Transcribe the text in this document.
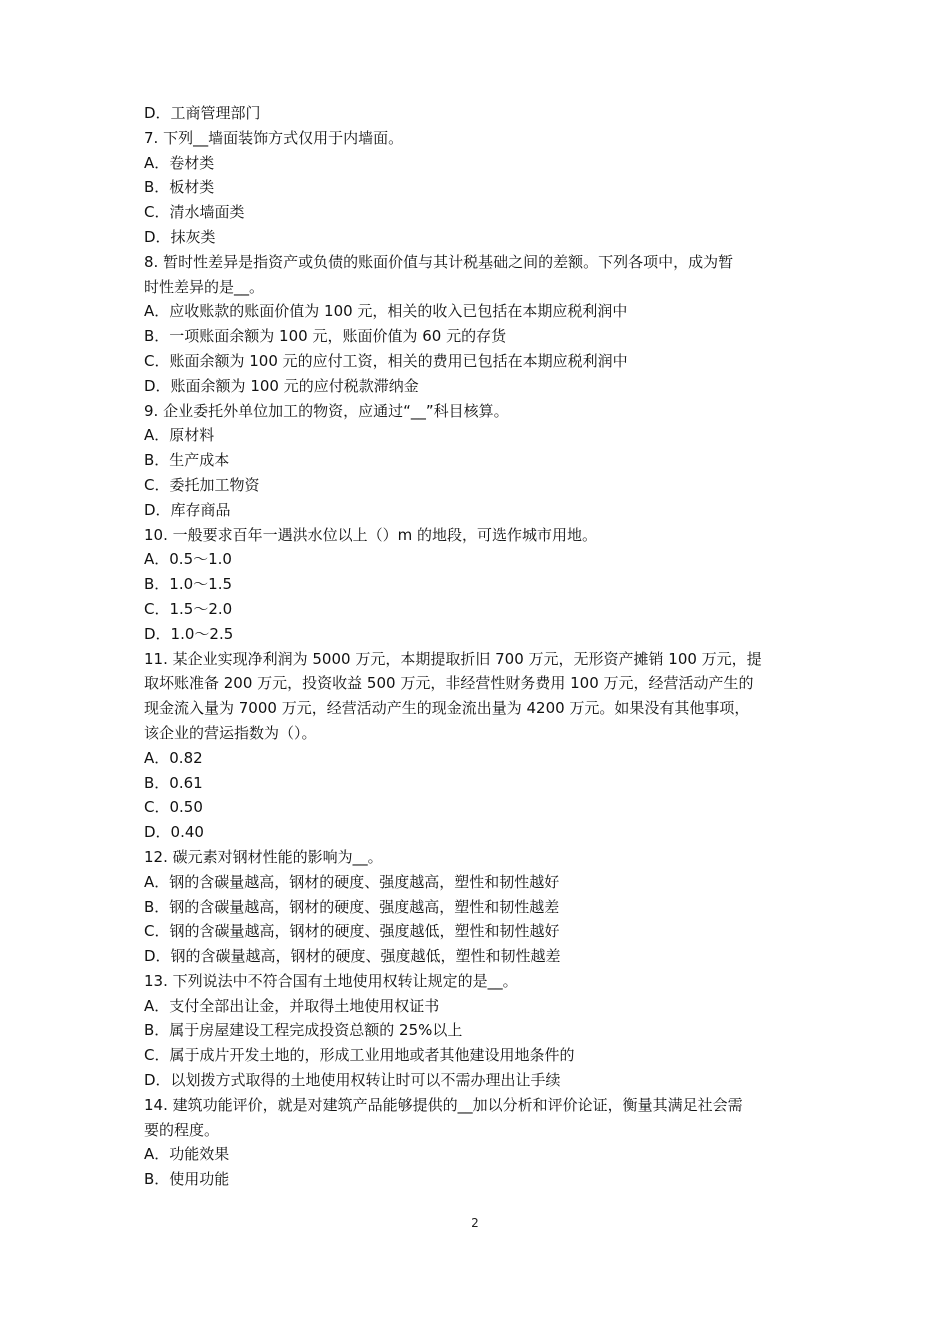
D．工商管理部门
7. 下列__墙面装饰方式仅用于内墙面。
A．卷材类
B．板材类
C．清水墙面类
D．抹灰类
8. 暂时性差异是指资产或负债的账面价值与其计税基础之间的差额。下列各项中，成为暂
时性差异的是__。
A．应收账款的账面价值为 100 元，相关的收入已包括在本期应税利润中
B．一项账面余额为 100 元，账面价值为 60 元的存货
C．账面余额为 100 元的应付工资，相关的费用已包括在本期应税利润中
D．账面余额为 100 元的应付税款滞纳金
9. 企业委托外单位加工的物资，应通过“__”科目核算。
A．原材料
B．生产成本
C．委托加工物资
D．库存商品
10. 一般要求百年一遇洪水位以上（）m 的地段，可选作城市用地。
A．0.5～1.0
B．1.0～1.5
C．1.5～2.0
D．1.0～2.5
11. 某企业实现净利润为 5000 万元，本期提取折旧 700 万元，无形资产摊销 100 万元，提
取坏账准备 200 万元，投资收益 500 万元，非经营性财务费用 100 万元，经营活动产生的
现金流入量为 7000 万元，经营活动产生的现金流出量为 4200 万元。如果没有其他事项，
该企业的营运指数为（）。
A．0.82
B．0.61
C．0.50
D．0.40
12. 碳元素对钢材性能的影响为__。
A．钢的含碳量越高，钢材的硬度、强度越高，塑性和韧性越好
B．钢的含碳量越高，钢材的硬度、强度越高，塑性和韧性越差
C．钢的含碳量越高，钢材的硬度、强度越低，塑性和韧性越好
D．钢的含碳量越高，钢材的硬度、强度越低，塑性和韧性越差
13. 下列说法中不符合国有土地使用权转让规定的是__。
A．支付全部出让金，并取得土地使用权证书
B．属于房屋建设工程完成投资总额的 25%以上
C．属于成片开发土地的，形成工业用地或者其他建设用地条件的
D．以划拨方式取得的土地使用权转让时可以不需办理出让手续
14. 建筑功能评价，就是对建筑产品能够提供的__加以分析和评价论证，衡量其满足社会需
要的程度。
A．功能效果
B．使用功能
2
